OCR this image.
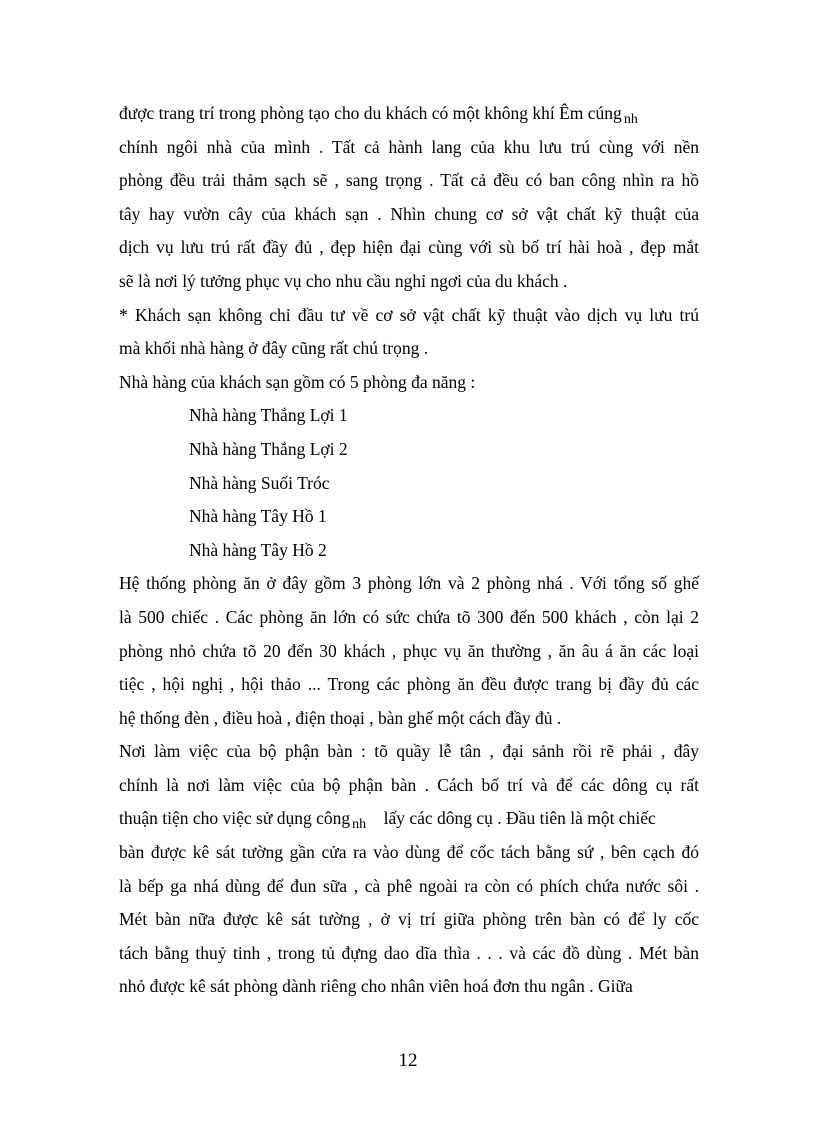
được trang trí trong phòng tạo cho du khách có một không khí Êm cúng $_{nh}$
chính ngôi nhà của mình . Tất cả hành lang của khu lưu trú cùng với nền
phòng đều trải thảm sạch sẽ , sang trọng . Tất cả đều có ban công nhìn ra hồ
tây hay vườn cây của khách sạn . Nhìn chung cơ sở vật chất kỹ thuật của
dịch vụ lưu trú rất đầy đủ , đẹp hiện đại cùng với sù bố trí hài hoà , đẹp mắt
sẽ là nơi lý tưởng phục vụ cho nhu cầu nghỉ ngơi của du khách .
* Khách sạn không chỉ đầu tư về cơ sở vật chất kỹ thuật vào dịch vụ lưu trú
mà khối nhà hàng ở đây cũng rất chú trọng .
Nhà hàng của khách sạn gồm có 5 phòng đa năng :
Nhà hàng Thắng Lợi 1
Nhà hàng Thắng Lợi 2
Nhà hàng Suối Tróc
Nhà hàng Tây Hồ 1
Nhà hàng Tây Hồ 2
Hệ thống phòng ăn ở đây gồm 3 phòng lớn và 2 phòng nhá . Với tổng số ghế
là 500 chiếc . Các phòng ăn lớn có sức chứa tõ 300 đến 500 khách , còn lại 2
phòng nhỏ chứa tõ 20 đến 30 khách , phục vụ ăn thường , ăn âu á ăn các loại
tiệc , hội nghị , hội thảo ... Trong các phòng ăn đều được trang bị đầy đủ các
hệ thống đèn , điều hoà , điện thoại , bàn ghế một cách đầy đủ .
Nơi làm việc của bộ phận bàn : tõ quầy lễ tân , đại sảnh rồi rẽ phải , đây
chính là nơi làm việc của bộ phận bàn . Cách bố trí và để các dông cụ rất
thuận tiện cho việc sử dụng công $_{nh}$ lấy các dông cụ . Đầu tiên là một chiếc
bàn được kê sát tường gần cửa ra vào dùng để cốc tách bằng sứ , bên cạch đó
là bếp ga nhá dùng để đun sữa , cà phê ngoài ra còn có phích chứa nước sôi .
Mét bàn nữa được kê sát tường , ở vị trí giữa phòng trên bàn có để ly cốc
tách bằng thuỷ tinh , trong tủ đựng dao dĩa thìa . . . và các đồ dùng . Mét bàn
nhỏ được kê sát phòng dành riêng cho nhân viên hoá đơn thu ngân . Giữa
12
